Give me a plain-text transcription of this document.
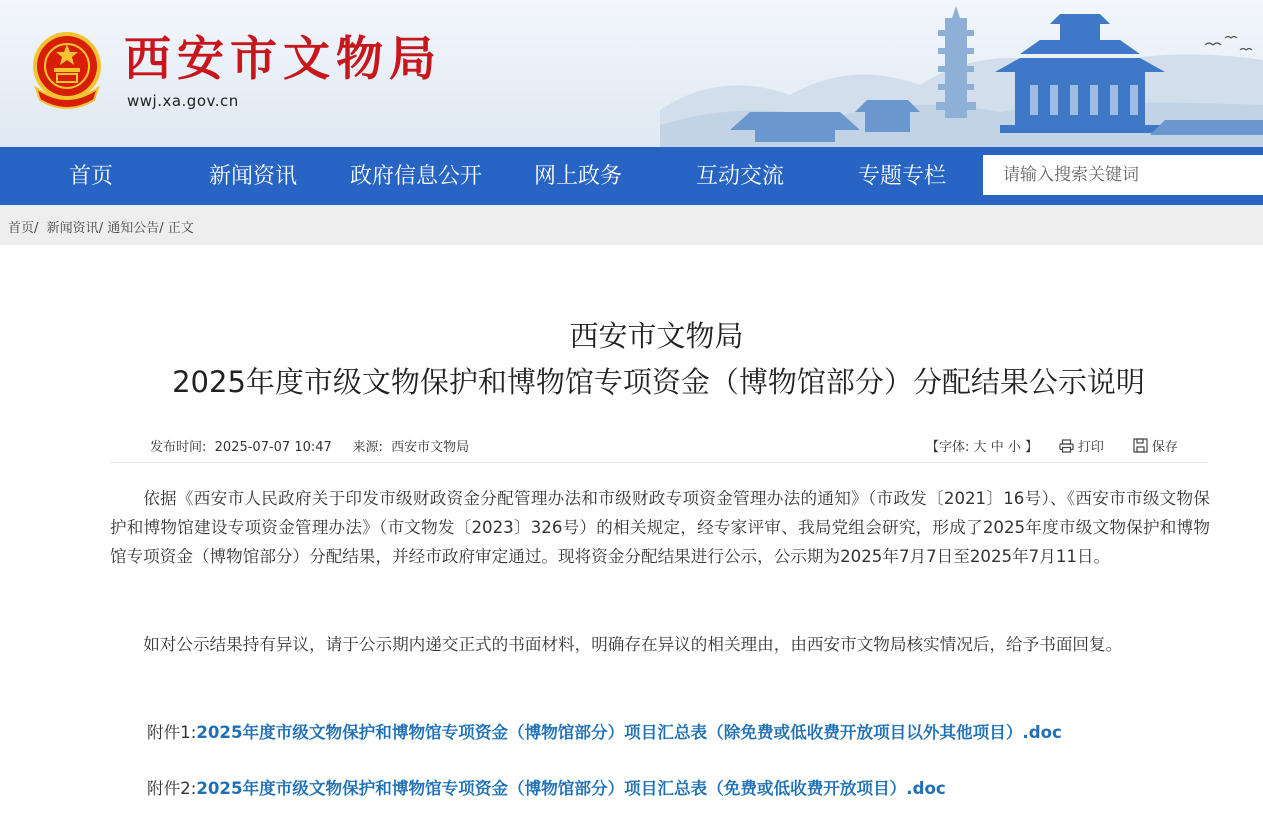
西安市文物局
wwj.xa.gov.cn
首页	新闻资讯 政府信息公开 网上政务	互动交流	专题专栏
请输入搜索关键词
首页/ 新闻资讯/ 通知公告/ 正文
西安市文物局
2025年度市级文物保护和博物馆专项资金（博物馆部分）分配结果公示说明
发布时间: 2025-07-07 10:47 来源: 西安市文物局	【字体: 大 中 小 】	打印	保存
依据《西安市人民政府关于印发市级财政资金分配管理办法和市级财政专项资金管理办法的通知》（市政发〔2021〕16号）、《西安市市级文物保护和博物馆建设专项资金管理办法》（市文物发〔2023〕326号）的相关规定，经专家评审、我局党组会研究，形成了2025年度市级文物保护和博物馆专项资金（博物馆部分）分配结果，并经市政府审定通过。现将资金分配结果进行公示，公示期为2025年7月7日至2025年7月11日。
如对公示结果持有异议，请于公示期内递交正式的书面材料，明确存在异议的相关理由，由西安市文物局核实情况后，给予书面回复。
附件1:2025年度市级文物保护和博物馆专项资金（博物馆部分）项目汇总表（除免费或低收费开放项目以外其他项目）.doc
附件2:2025年度市级文物保护和博物馆专项资金（博物馆部分）项目汇总表（免费或低收费开放项目）.doc
